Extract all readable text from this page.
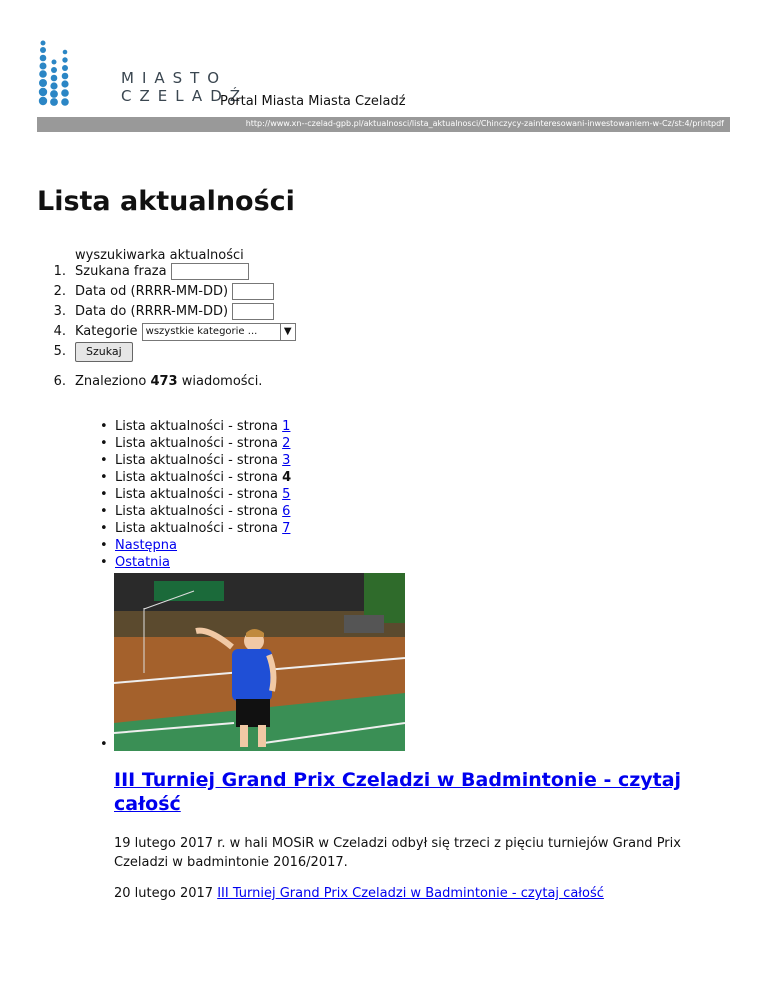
MIASTO
CZELADŹ
Portal Miasta Miasta Czeladź
http://www.xn--czelad-gpb.pl/aktualnosci/lista_aktualnosci/Chinczycy-zainteresowani-inwestowaniem-w-Cz/st:4/printpdf
Lista aktualności
wyszukiwarka aktualności
1. Szukana fraza
2. Data od (RRRR-MM-DD)
3. Data do (RRRR-MM-DD)
4. Kategorie wszystkie kategorie ...	▼
5.	Szukaj
6. Znaleziono 473 wiadomości.
• Lista aktualności - strona 1
• Lista aktualności - strona 2
• Lista aktualności - strona 3
• Lista aktualności - strona 4
• Lista aktualności - strona 5
• Lista aktualności - strona 6
• Lista aktualności - strona 7
• Następna
• Ostatnia
•
III Turniej Grand Prix Czeladzi w Badmintonie - czytaj całość

19 lutego 2017 r. w hali MOSiR w Czeladzi odbył się trzeci z pięciu turniejów Grand Prix Czeladzi w badmintonie 2016/2017.

20 lutego 2017 III Turniej Grand Prix Czeladzi w Badmintonie - czytaj całość
